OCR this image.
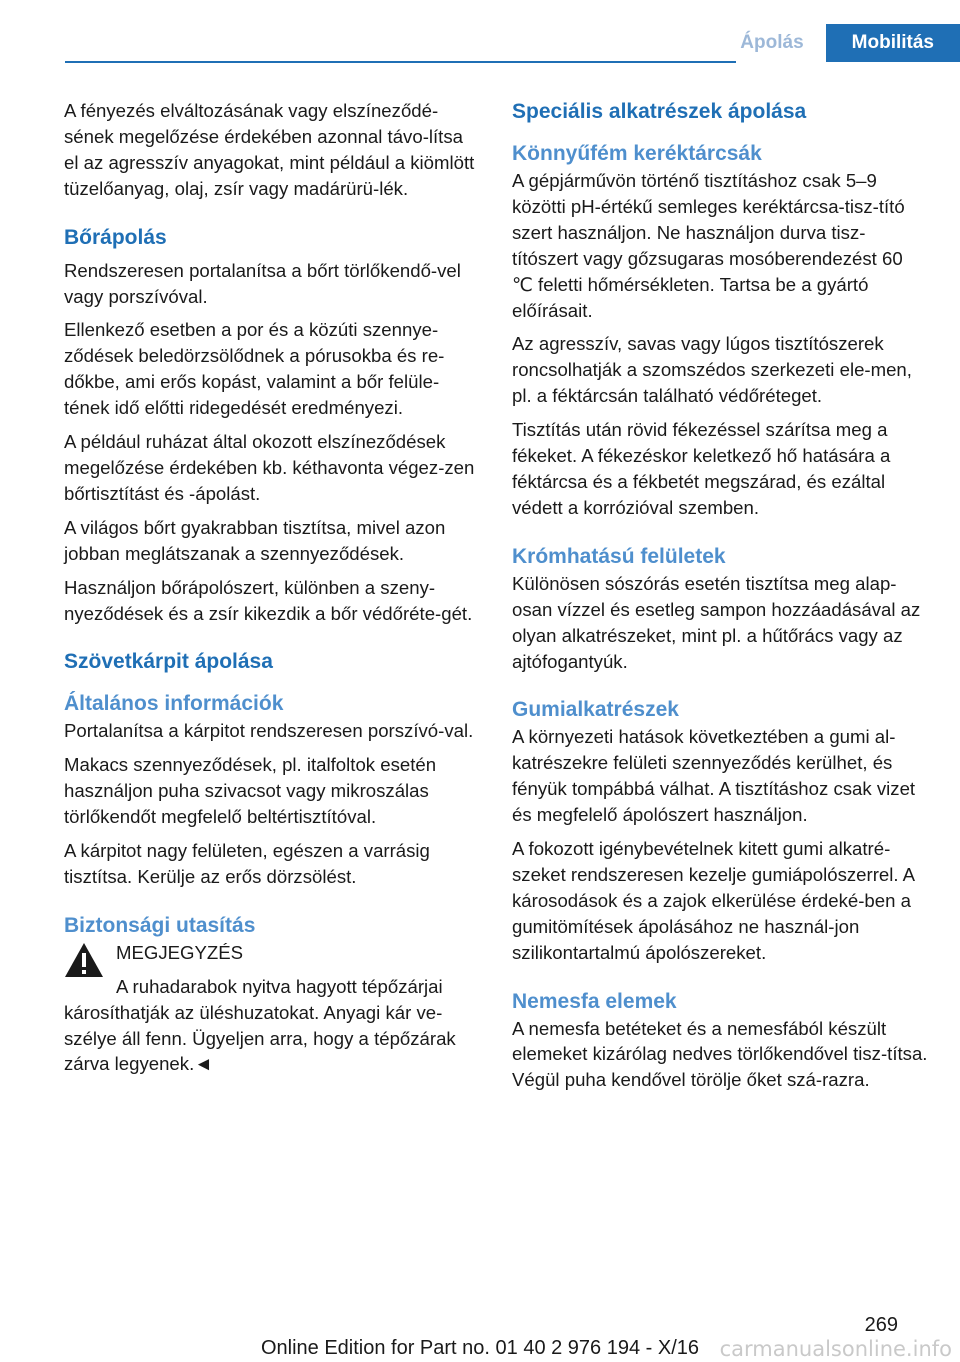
Ápolás	Mobilitás

A fényezés elváltozásának vagy elszíneződé-sének megelőzése érdekében azonnal távo-lítsa el az agresszív anyagokat, mint például a kiömlött tüzelőanyag, olaj, zsír vagy madárürü-lék.

Bőrápolás

Rendszeresen portalanítsa a bőrt törlőkendő-vel vagy porszívóval.

Ellenkező esetben a por és a közúti szennye-ződések beledörzsölődnek a pórusokba és re-dőkbe, ami erős kopást, valamint a bőr felüle-tének idő előtti ridegedését eredményezi.

A például ruházat által okozott elszíneződések megelőzése érdekében kb. kéthavonta végez-zen bőrtisztítást és -ápolást.

A világos bőrt gyakrabban tisztítsa, mivel azon jobban meglátszanak a szennyeződések.

Használjon bőrápolószert, különben a szeny-nyeződések és a zsír kikezdik a bőr védőréte-gét.

Szövetkárpit ápolása
Általános információk

Portalanítsa a kárpitot rendszeresen porszívó-val.

Makacs szennyeződések, pl. italfoltok esetén használjon puha szivacsot vagy mikroszálas törlőkendőt megfelelő beltértisztítóval.

A kárpitot nagy felületen, egészen a varrásig tisztítsa. Kerülje az erős dörzsölést.

Biztonsági utasítás

MEGJEGYZÉS

A ruhadarabok nyitva hagyott tépőzárjai

károsíthatják az üléshuzatokat. Anyagi kár ve-szélye áll fenn. Ügyeljen arra, hogy a tépőzárak zárva legyenek.◄

Speciális alkatrészek ápolása
Könnyűfém keréktárcsák

A gépjárművön történő tisztításhoz csak 5–9 közötti pH-értékű semleges keréktárcsa-tisz-tító szert használjon. Ne használjon durva tisz-títószert vagy gőzsugaras mosóberendezést 60 ℃ feletti hőmérsékleten. Tartsa be a gyártó előírásait.

Az agresszív, savas vagy lúgos tisztítószerek roncsolhatják a szomszédos szerkezeti ele-men, pl. a féktárcsán található védőréteget.

Tisztítás után rövid fékezéssel szárítsa meg a fékeket. A fékezéskor keletkező hő hatására a féktárcsa és a fékbetét megszárad, és ezáltal védett a korrózióval szemben.

Krómhatású felületek

Különösen sószórás esetén tisztítsa meg alap-osan vízzel és esetleg sampon hozzáadásával az olyan alkatrészeket, mint pl. a hűtőrács vagy az ajtófogantyúk.

Gumialkatrészek

A környezeti hatások következtében a gumi al-katrészekre felületi szennyeződés kerülhet, és fényük tompábbá válhat. A tisztításhoz csak vizet és megfelelő ápolószert használjon.

A fokozott igénybevételnek kitett gumi alkatré-szeket rendszeresen kezelje gumiápolószerrel. A károsodások és a zajok elkerülése érdeké-ben a gumitömítések ápolásához ne használ-jon szilikontartalmú ápolószereket.

Nemesfa elemek

A nemesfa betéteket és a nemesfából készült elemeket kizárólag nedves törlőkendővel tisz-títsa. Végül puha kendővel törölje őket szá-razra.

269
Online Edition for Part no. 01 40 2 976 194 - X/16 carmanualsonline.info
